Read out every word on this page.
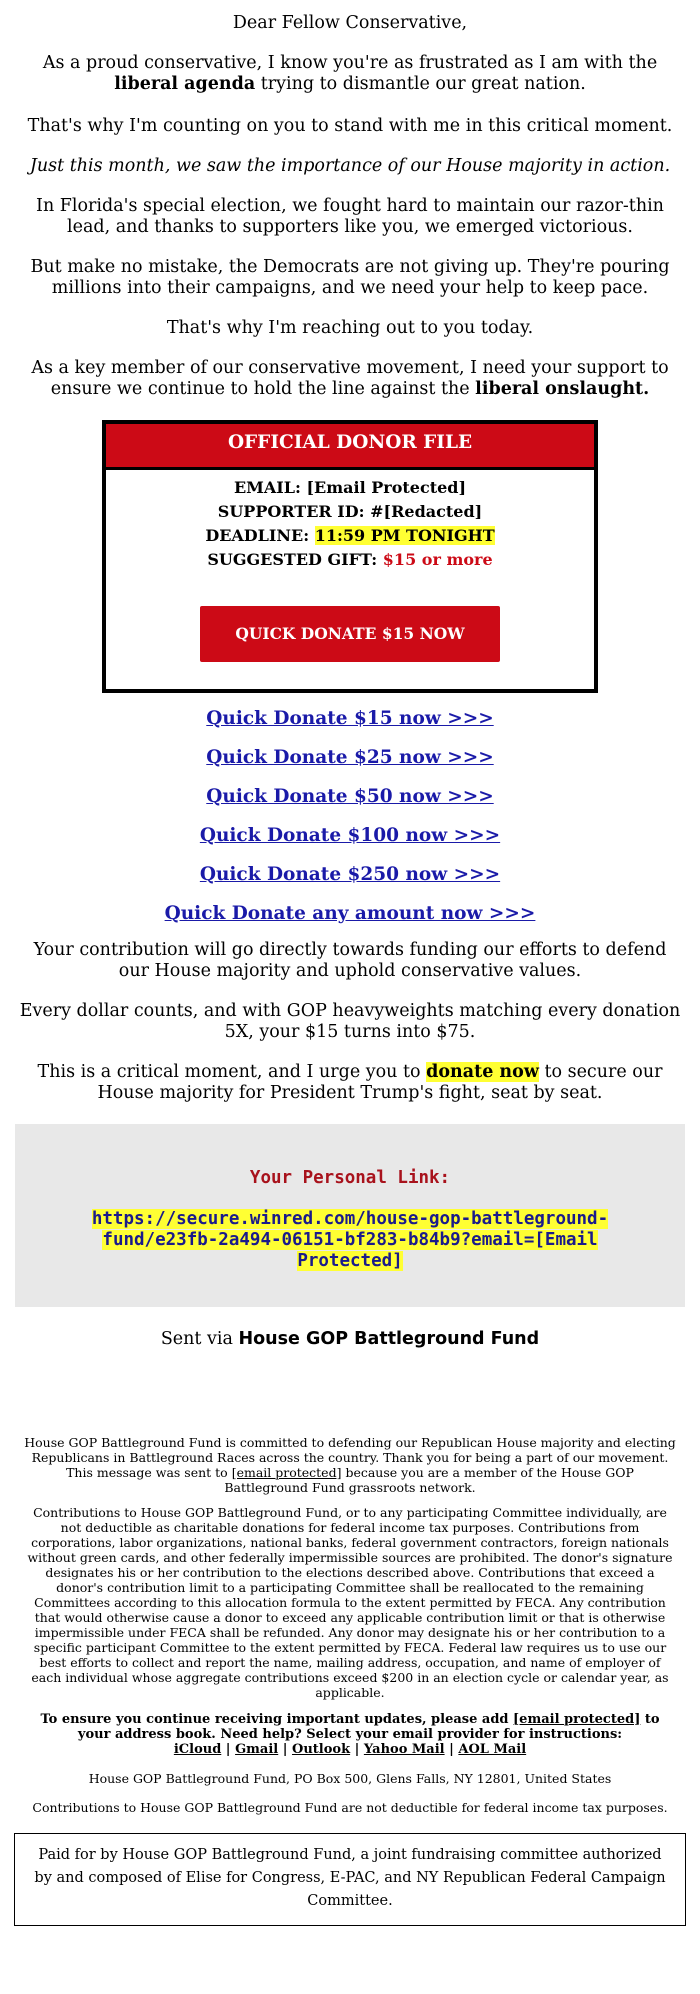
Dear Fellow Conservative,

As a proud conservative, I know you're as frustrated as I am with the liberal agenda trying to dismantle our great nation.

That's why I'm counting on you to stand with me in this critical moment.

Just this month, we saw the importance of our House majority in action.

In Florida's special election, we fought hard to maintain our razor-thin lead, and thanks to supporters like you, we emerged victorious.

But make no mistake, the Democrats are not giving up. They're pouring millions into their campaigns, and we need your help to keep pace.

That's why I'm reaching out to you today.

As a key member of our conservative movement, I need your support to ensure we continue to hold the line against the liberal onslaught.

OFFICIAL DONOR FILE
EMAIL: [Email Protected]
SUPPORTER ID: #[Redacted]
DEADLINE: 11:59 PM TONIGHT
SUGGESTED GIFT: $15 or more
QUICK DONATE $15 NOW
Quick Donate $15 now >>>
Quick Donate $25 now >>>
Quick Donate $50 now >>>
Quick Donate $100 now >>>
Quick Donate $250 now >>>
Quick Donate any amount now >>>

Your contribution will go directly towards funding our efforts to defend our House majority and uphold conservative values.

Every dollar counts, and with GOP heavyweights matching every donation 5X, your $15 turns into $75.

This is a critical moment, and I urge you to donate now to secure our House majority for President Trump's fight, seat by seat.

Your Personal Link:
https://secure.winred.com/house-gop-battleground-fund/e23fb-2a494-06151-bf283-b84b9?email=[Email Protected]
Sent via House GOP Battleground Fund
House GOP Battleground Fund is committed to defending our Republican House majority and electing Republicans in Battleground Races across the country. Thank you for being a part of our movement. This message was sent to [email protected] because you are a member of the House GOP Battleground Fund grassroots network.
Contributions to House GOP Battleground Fund, or to any participating Committee individually, are not deductible as charitable donations for federal income tax purposes. Contributions from corporations, labor organizations, national banks, federal government contractors, foreign nationals without green cards, and other federally impermissible sources are prohibited. The donor's signature designates his or her contribution to the elections described above. Contributions that exceed a donor's contribution limit to a participating Committee shall be reallocated to the remaining Committees according to this allocation formula to the extent permitted by FECA. Any contribution that would otherwise cause a donor to exceed any applicable contribution limit or that is otherwise impermissible under FECA shall be refunded. Any donor may designate his or her contribution to a specific participant Committee to the extent permitted by FECA. Federal law requires us to use our best efforts to collect and report the name, mailing address, occupation, and name of employer of each individual whose aggregate contributions exceed $200 in an election cycle or calendar year, as applicable.
To ensure you continue receiving important updates, please add [email protected] to your address book. Need help? Select your email provider for instructions:
iCloud | Gmail | Outlook | Yahoo Mail | AOL Mail
House GOP Battleground Fund, PO Box 500, Glens Falls, NY 12801, United States
Contributions to House GOP Battleground Fund are not deductible for federal income tax purposes.
Paid for by House GOP Battleground Fund, a joint fundraising committee authorized by and composed of Elise for Congress, E-PAC, and NY Republican Federal Campaign Committee.
